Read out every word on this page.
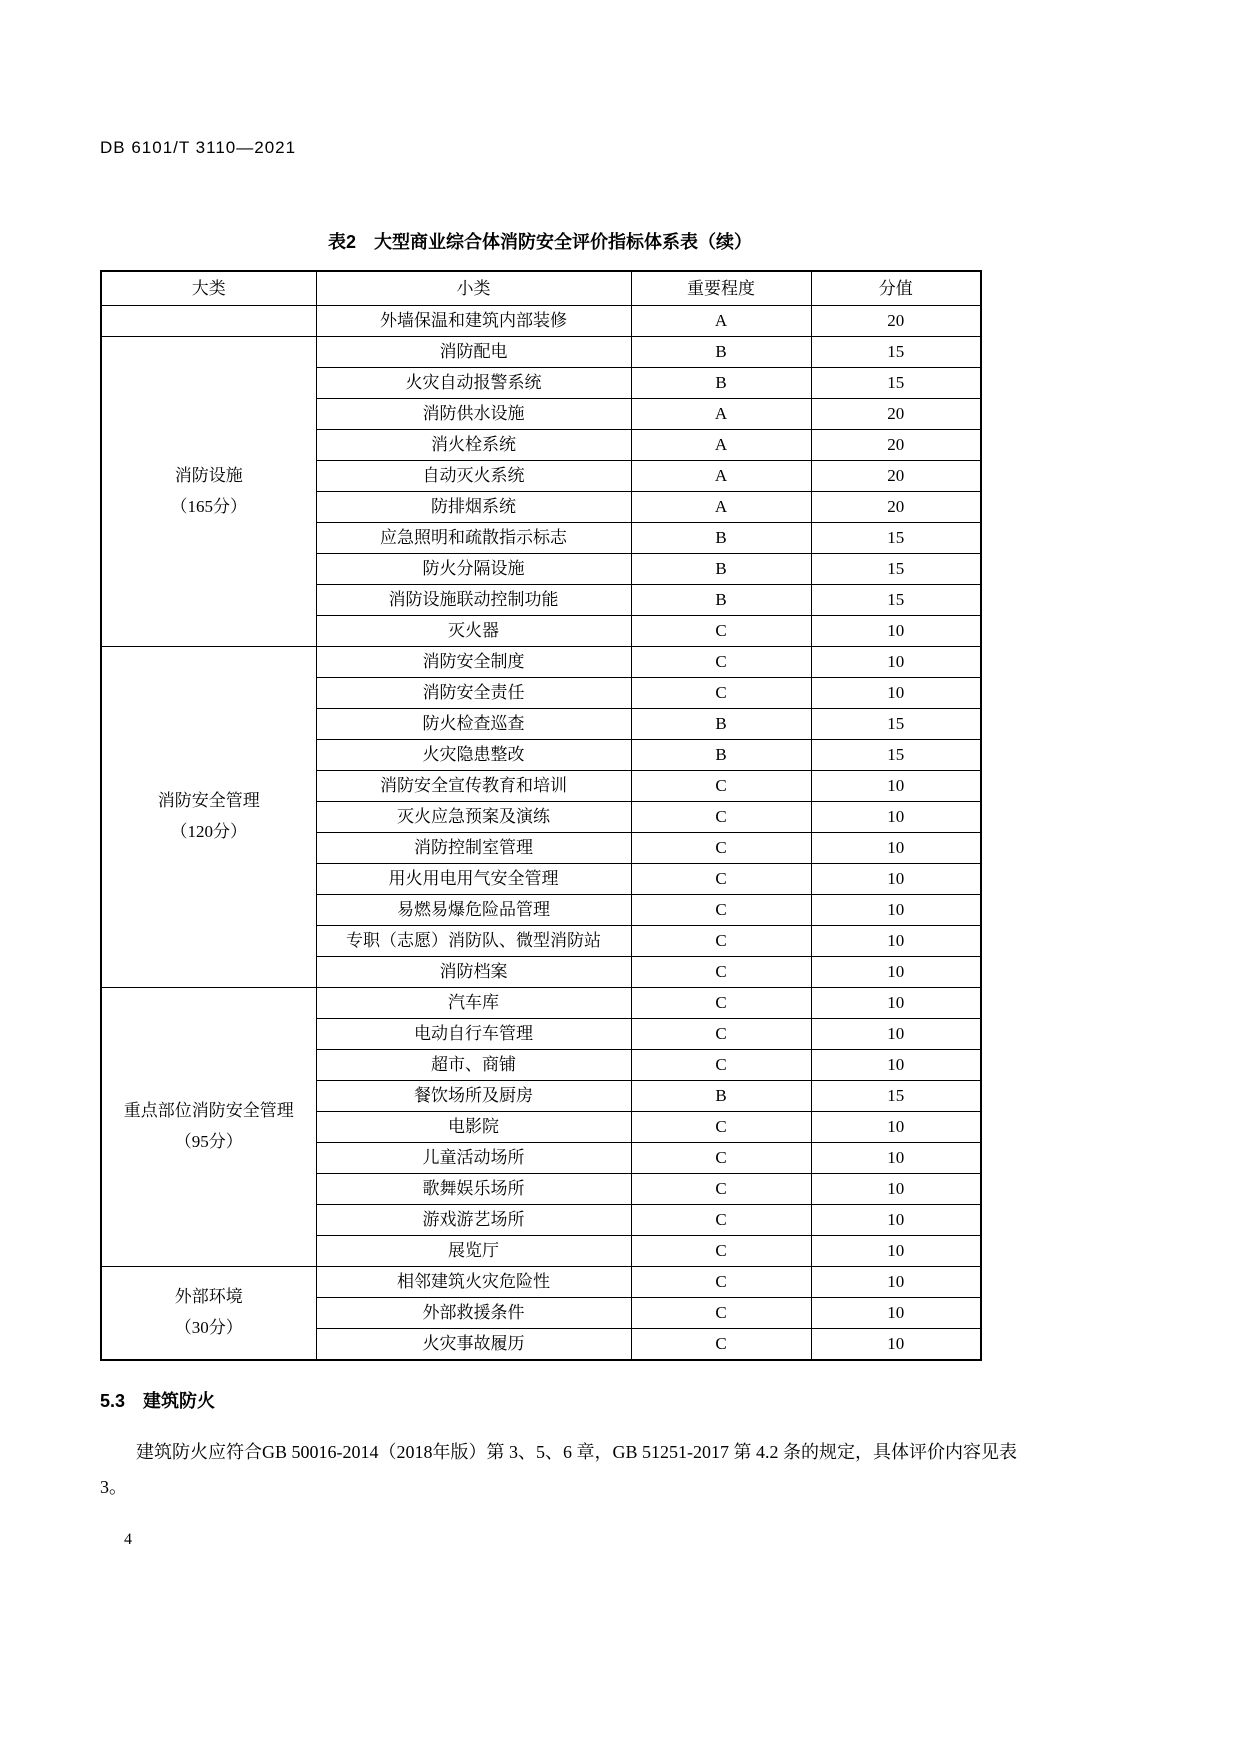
DB 6101/T 3110—2021
表2　大型商业综合体消防安全评价指标体系表（续）
大类	小类	重要程度	分值
	外墙保温和建筑内部装修	A	20

消防设施
（165分）	消防配电	B	15
	火灾自动报警系统	B	15
	消防供水设施	A	20
	消火栓系统	A	20
	自动灭火系统	A	20
	防排烟系统	A	20
	应急照明和疏散指示标志	B	15
	防火分隔设施	B	15
	消防设施联动控制功能	B	15
	灭火器	C	10

消防安全管理
（120分）	消防安全制度	C	10
	消防安全责任	C	10
	防火检查巡查	B	15
	火灾隐患整改	B	15
	消防安全宣传教育和培训	C	10
	灭火应急预案及演练	C	10
	消防控制室管理	C	10
	用火用电用气安全管理	C	10
	易燃易爆危险品管理	C	10
	专职（志愿）消防队、微型消防站	C	10
	消防档案	C	10

重点部位消防安全管理
（95分）	汽车库	C	10
	电动自行车管理	C	10
	超市、商铺	C	10
	餐饮场所及厨房	B	15
	电影院	C	10
	儿童活动场所	C	10
	歌舞娱乐场所	C	10
	游戏游艺场所	C	10
	展览厅	C	10

外部环境
（30分）	相邻建筑火灾危险性	C	10
	外部救援条件	C	10
	火灾事故履历	C	10
5.3　建筑防火
建筑防火应符合GB 50016-2014（2018年版）第 3、5、6 章，GB 51251-2017 第 4.2 条的规定，具体评价内容见表 3。
4
